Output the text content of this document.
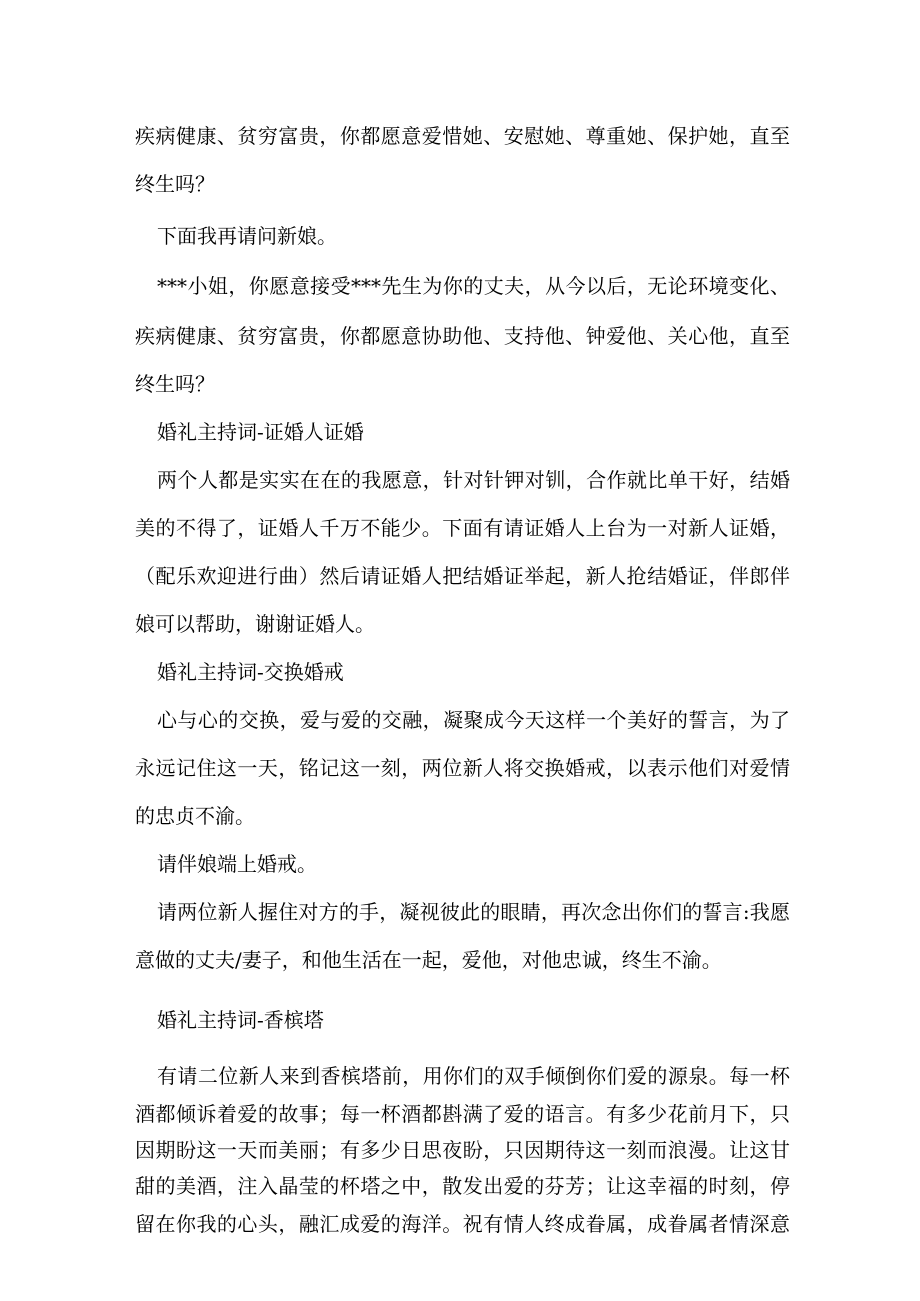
疾病健康、贫穷富贵，你都愿意爱惜她、安慰她、尊重她、保护她，直至
终生吗？
下面我再请问新娘。
***小姐，你愿意接受***先生为你的丈夫，从今以后，无论环境变化、
疾病健康、贫穷富贵，你都愿意协助他、支持他、钟爱他、关心他，直至
终生吗？
婚礼主持词-证婚人证婚
两个人都是实实在在的我愿意，针对针钾对钏，合作就比单干好，结婚
美的不得了，证婚人千万不能少。下面有请证婚人上台为一对新人证婚，
（配乐欢迎进行曲）然后请证婚人把结婚证举起，新人抢结婚证，伴郎伴
娘可以帮助，谢谢证婚人。
婚礼主持词-交换婚戒
心与心的交换，爱与爱的交融，凝聚成今天这样一个美好的誓言，为了
永远记住这一天，铭记这一刻，两位新人将交换婚戒，以表示他们对爱情
的忠贞不渝。
请伴娘端上婚戒。
请两位新人握住对方的手，凝视彼此的眼睛，再次念出你们的誓言:我愿
意做的丈夫/妻子，和他生活在一起，爱他，对他忠诚，终生不渝。
婚礼主持词-香槟塔
有请二位新人来到香槟塔前，用你们的双手倾倒你们爱的源泉。每一杯
酒都倾诉着爱的故事；每一杯酒都斟满了爱的语言。有多少花前月下，只
因期盼这一天而美丽；有多少日思夜盼，只因期待这一刻而浪漫。让这甘
甜的美酒，注入晶莹的杯塔之中，散发出爱的芬芳；让这幸福的时刻，停
留在你我的心头，融汇成爱的海洋。祝有情人终成眷属，成眷属者情深意
